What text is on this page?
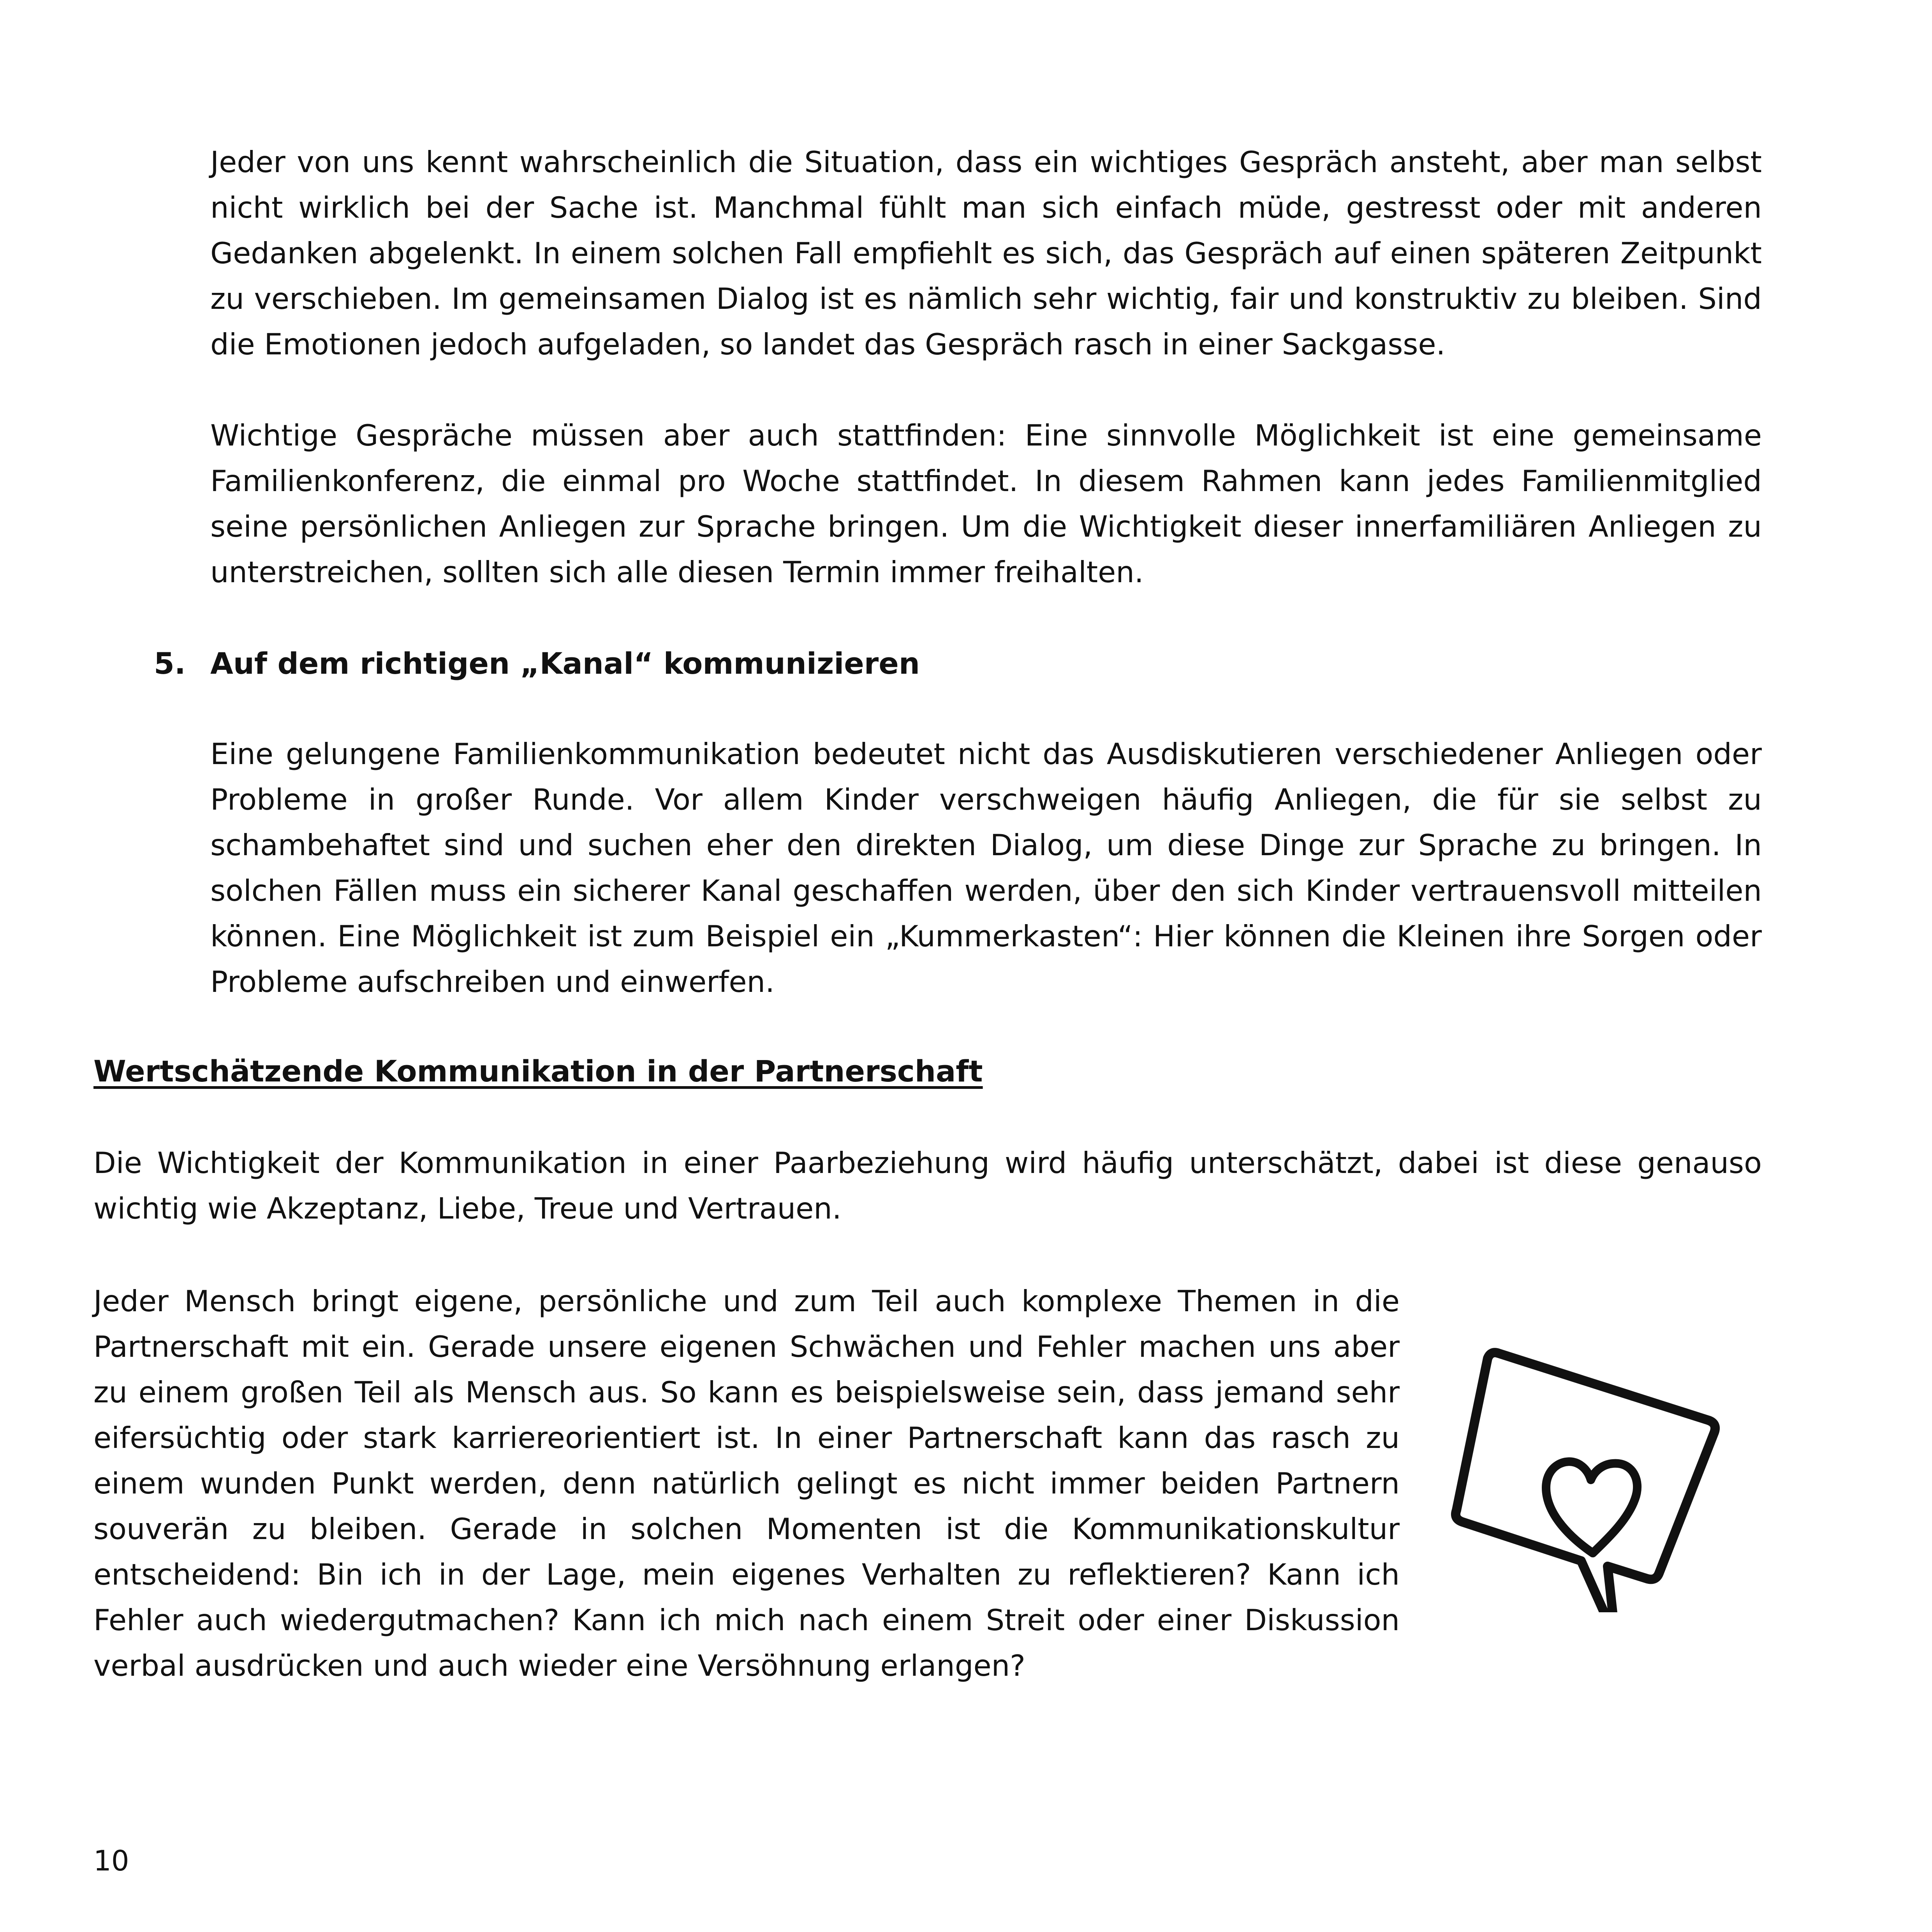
Jeder von uns kennt wahrscheinlich die Situation, dass ein wichtiges Gespräch ansteht, aber man selbst nicht wirklich bei der Sache ist. Manchmal fühlt man sich einfach müde, gestresst oder mit anderen Gedanken abgelenkt. In einem solchen Fall empfiehlt es sich, das Gespräch auf einen späteren Zeitpunkt zu verschieben. Im gemeinsamen Dialog ist es nämlich sehr wichtig, fair und konstruktiv zu bleiben. Sind die Emotionen jedoch aufgeladen, so landet das Gespräch rasch in einer Sackgasse.

Wichtige Gespräche müssen aber auch stattfinden: Eine sinnvolle Möglichkeit ist eine gemeinsame Familienkonferenz, die einmal pro Woche stattfindet. In diesem Rahmen kann jedes Familienmitglied seine persönlichen Anliegen zur Sprache bringen. Um die Wichtigkeit dieser innerfamiliären Anliegen zu unterstreichen, sollten sich alle diesen Termin immer freihalten.

5. Auf dem richtigen „Kanal“ kommunizieren

Eine gelungene Familienkommunikation bedeutet nicht das Ausdiskutieren verschiedener Anliegen oder Probleme in großer Runde. Vor allem Kinder verschweigen häufig Anliegen, die für sie selbst zu schambehaftet sind und suchen eher den direkten Dialog, um diese Dinge zur Sprache zu bringen. In solchen Fällen muss ein sicherer Kanal geschaffen werden, über den sich Kinder vertrauensvoll mitteilen können. Eine Möglichkeit ist zum Beispiel ein „Kummerkasten“: Hier können die Kleinen ihre Sorgen oder Probleme aufschreiben und einwerfen.

Wertschätzende Kommunikation in der Partnerschaft

Die Wichtigkeit der Kommunikation in einer Paarbeziehung wird häufig unterschätzt, dabei ist diese genauso wichtig wie Akzeptanz, Liebe, Treue und Vertrauen.

Jeder Mensch bringt eigene, persönliche und zum Teil auch komplexe Themen in die Partnerschaft mit ein. Gerade unsere eigenen Schwächen und Fehler machen uns aber zu einem großen Teil als Mensch aus. So kann es beispielsweise sein, dass jemand sehr eifersüchtig oder stark karriereorientiert ist. In einer Partnerschaft kann das rasch zu einem wunden Punkt werden, denn natürlich gelingt es nicht immer beiden Partnern souverän zu bleiben. Gerade in solchen Momenten ist die Kommunikationskultur entscheidend: Bin ich in der Lage, mein eigenes Verhalten zu reflektieren? Kann ich Fehler auch wiedergutmachen? Kann ich mich nach einem Streit oder einer Diskussion verbal ausdrücken und auch wieder eine Versöhnung erlangen?

10
